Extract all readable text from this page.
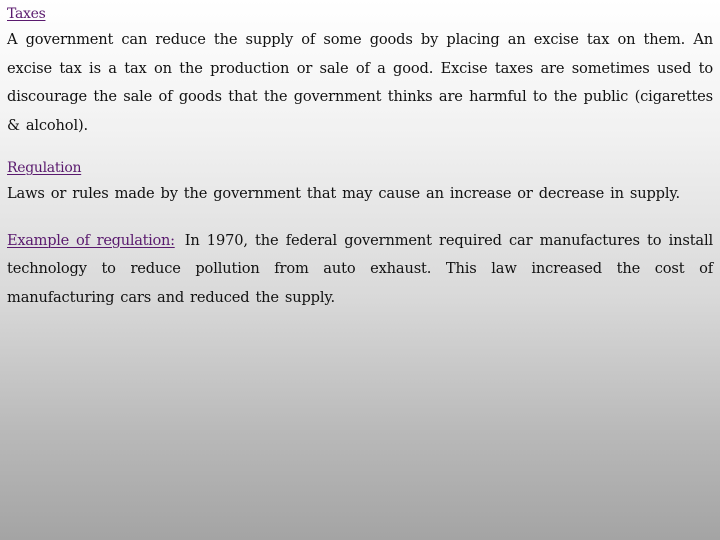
Taxes

A government can reduce the supply of some goods by placing an excise tax on them. An excise tax is a tax on the production or sale of a good. Excise taxes are sometimes used to discourage the sale of goods that the government thinks are harmful to the public (cigarettes & alcohol).

Regulation

Laws or rules made by the government that may cause an increase or decrease in supply.

Example of regulation: In 1970, the federal government required car manufactures to install technology to reduce pollution from auto exhaust. This law increased the cost of manufacturing cars and reduced the supply.
